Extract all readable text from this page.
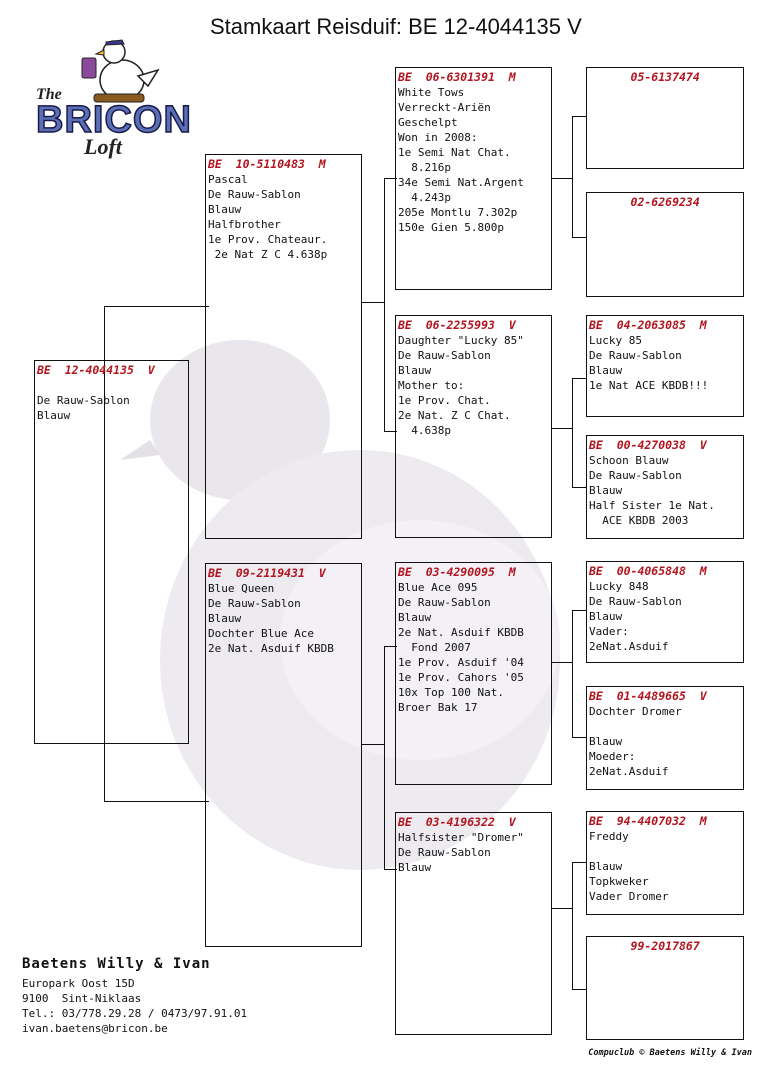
Stamkaart Reisduif: BE 12-4044135 V
The
BRICON
Loft
BE  12-4044135  V

De Rauw-Sablon
Blauw
BE  10-5110483  M
Pascal
De Rauw-Sablon
Blauw
Halfbrother
1e Prov. Chateaur.
2e Nat Z C 4.638p
BE  09-2119431  V
Blue Queen
De Rauw-Sablon
Blauw
Dochter Blue Ace
2e Nat. Asduif KBDB
BE  06-6301391  M
White Tows
Verreckt-Ariën
Geschelpt
Won in 2008:
1e Semi Nat Chat.
8.216p
34e Semi Nat.Argent
4.243p
205e Montlu 7.302p
150e Gien 5.800p
BE  06-2255993  V
Daughter "Lucky 85"
De Rauw-Sablon
Blauw
Mother to:
1e Prov. Chat.
2e Nat. Z C Chat.
4.638p
BE  03-4290095  M
Blue Ace 095
De Rauw-Sablon
Blauw
2e Nat. Asduif KBDB
Fond 2007
1e Prov. Asduif '04
1e Prov. Cahors '05
10x Top 100 Nat.
Broer Bak 17
BE  03-4196322  V
Halfsister "Dromer"
De Rauw-Sablon
Blauw
05-6137474
02-6269234
BE  04-2063085  M
Lucky 85
De Rauw-Sablon
Blauw
1e Nat ACE KBDB!!!
BE  00-4270038  V
Schoon Blauw
De Rauw-Sablon
Blauw
Half Sister 1e Nat.
ACE KBDB 2003
BE  00-4065848  M
Lucky 848
De Rauw-Sablon
Blauw
Vader:
2eNat.Asduif
BE  01-4489665  V
Dochter Dromer

Blauw
Moeder:
2eNat.Asduif
BE  94-4407032  M
Freddy

Blauw
Topkweker
Vader Dromer
99-2017867
Baetens Willy & Ivan
Europark Oost 15D
9100  Sint-Niklaas
Tel.: 03/778.29.28 / 0473/97.91.01
ivan.baetens@bricon.be
Compuclub © Baetens Willy & Ivan
